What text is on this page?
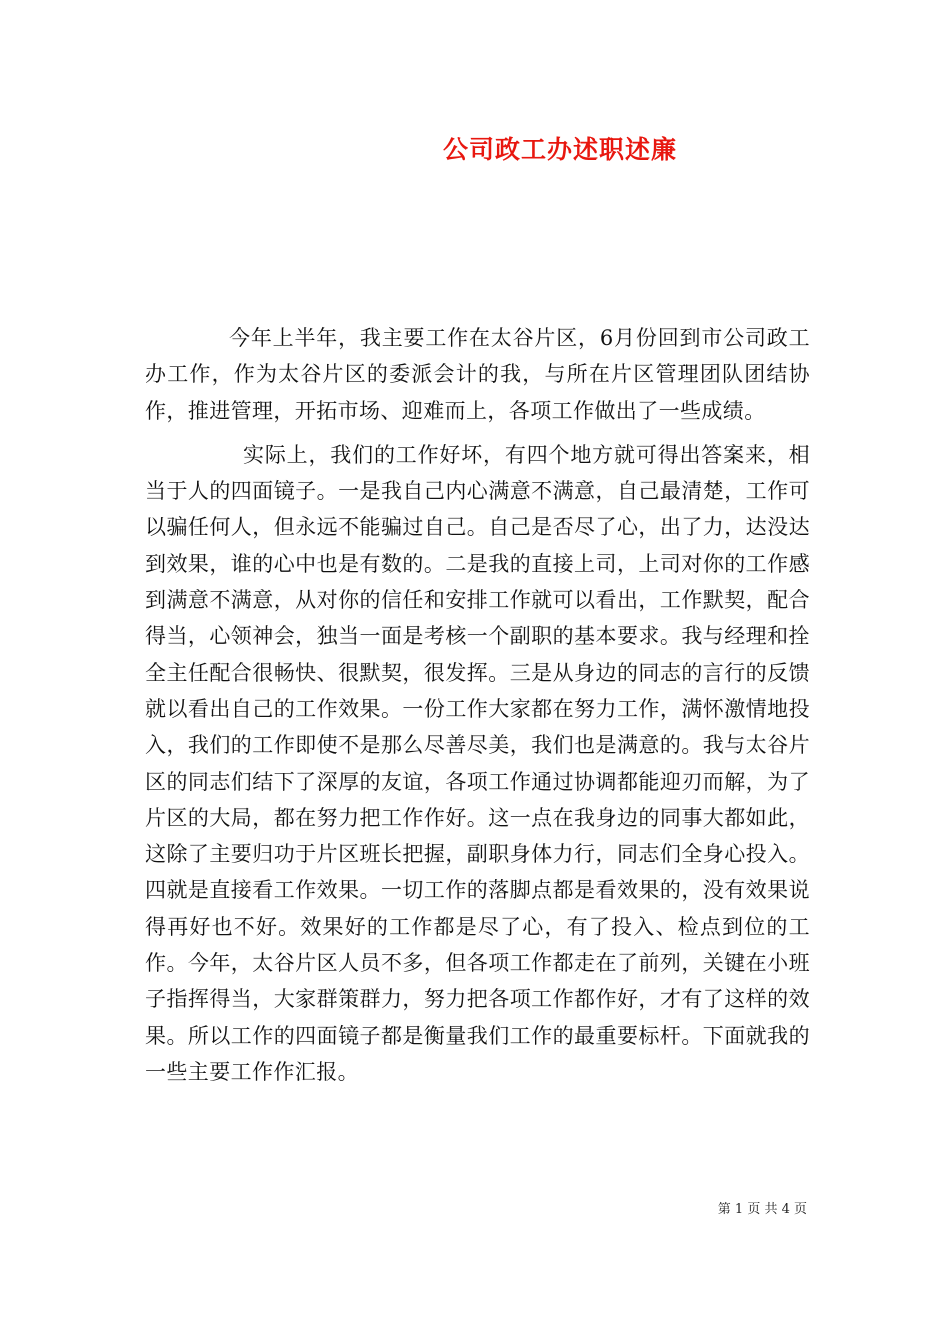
公司政工办述职述廉

今年上半年，我主要工作在太谷片区，6月份回到市公司政工办工作，作为太谷片区的委派会计的我，与所在片区管理团队团结协作，推进管理，开拓市场、迎难而上，各项工作做出了一些成绩。

实际上，我们的工作好坏，有四个地方就可得出答案来，相当于人的四面镜子。一是我自己内心满意不满意，自己最清楚，工作可以骗任何人，但永远不能骗过自己。自己是否尽了心，出了力，达没达到效果，谁的心中也是有数的。二是我的直接上司，上司对你的工作感到满意不满意，从对你的信任和安排工作就可以看出，工作默契，配合得当，心领神会，独当一面是考核一个副职的基本要求。我与经理和拴全主任配合很畅快、很默契，很发挥。三是从身边的同志的言行的反馈就以看出自己的工作效果。一份工作大家都在努力工作，满怀激情地投入，我们的工作即使不是那么尽善尽美，我们也是满意的。我与太谷片区的同志们结下了深厚的友谊，各项工作通过协调都能迎刃而解，为了片区的大局，都在努力把工作作好。这一点在我身边的同事大都如此，这除了主要归功于片区班长把握，副职身体力行，同志们全身心投入。四就是直接看工作效果。一切工作的落脚点都是看效果的，没有效果说得再好也不好。效果好的工作都是尽了心，有了投入、检点到位的工作。今年，太谷片区人员不多，但各项工作都走在了前列，关键在小班子指挥得当，大家群策群力，努力把各项工作都作好，才有了这样的效果。所以工作的四面镜子都是衡量我们工作的最重要标杆。下面就我的一些主要工作作汇报。

第 1 页 共 4 页
